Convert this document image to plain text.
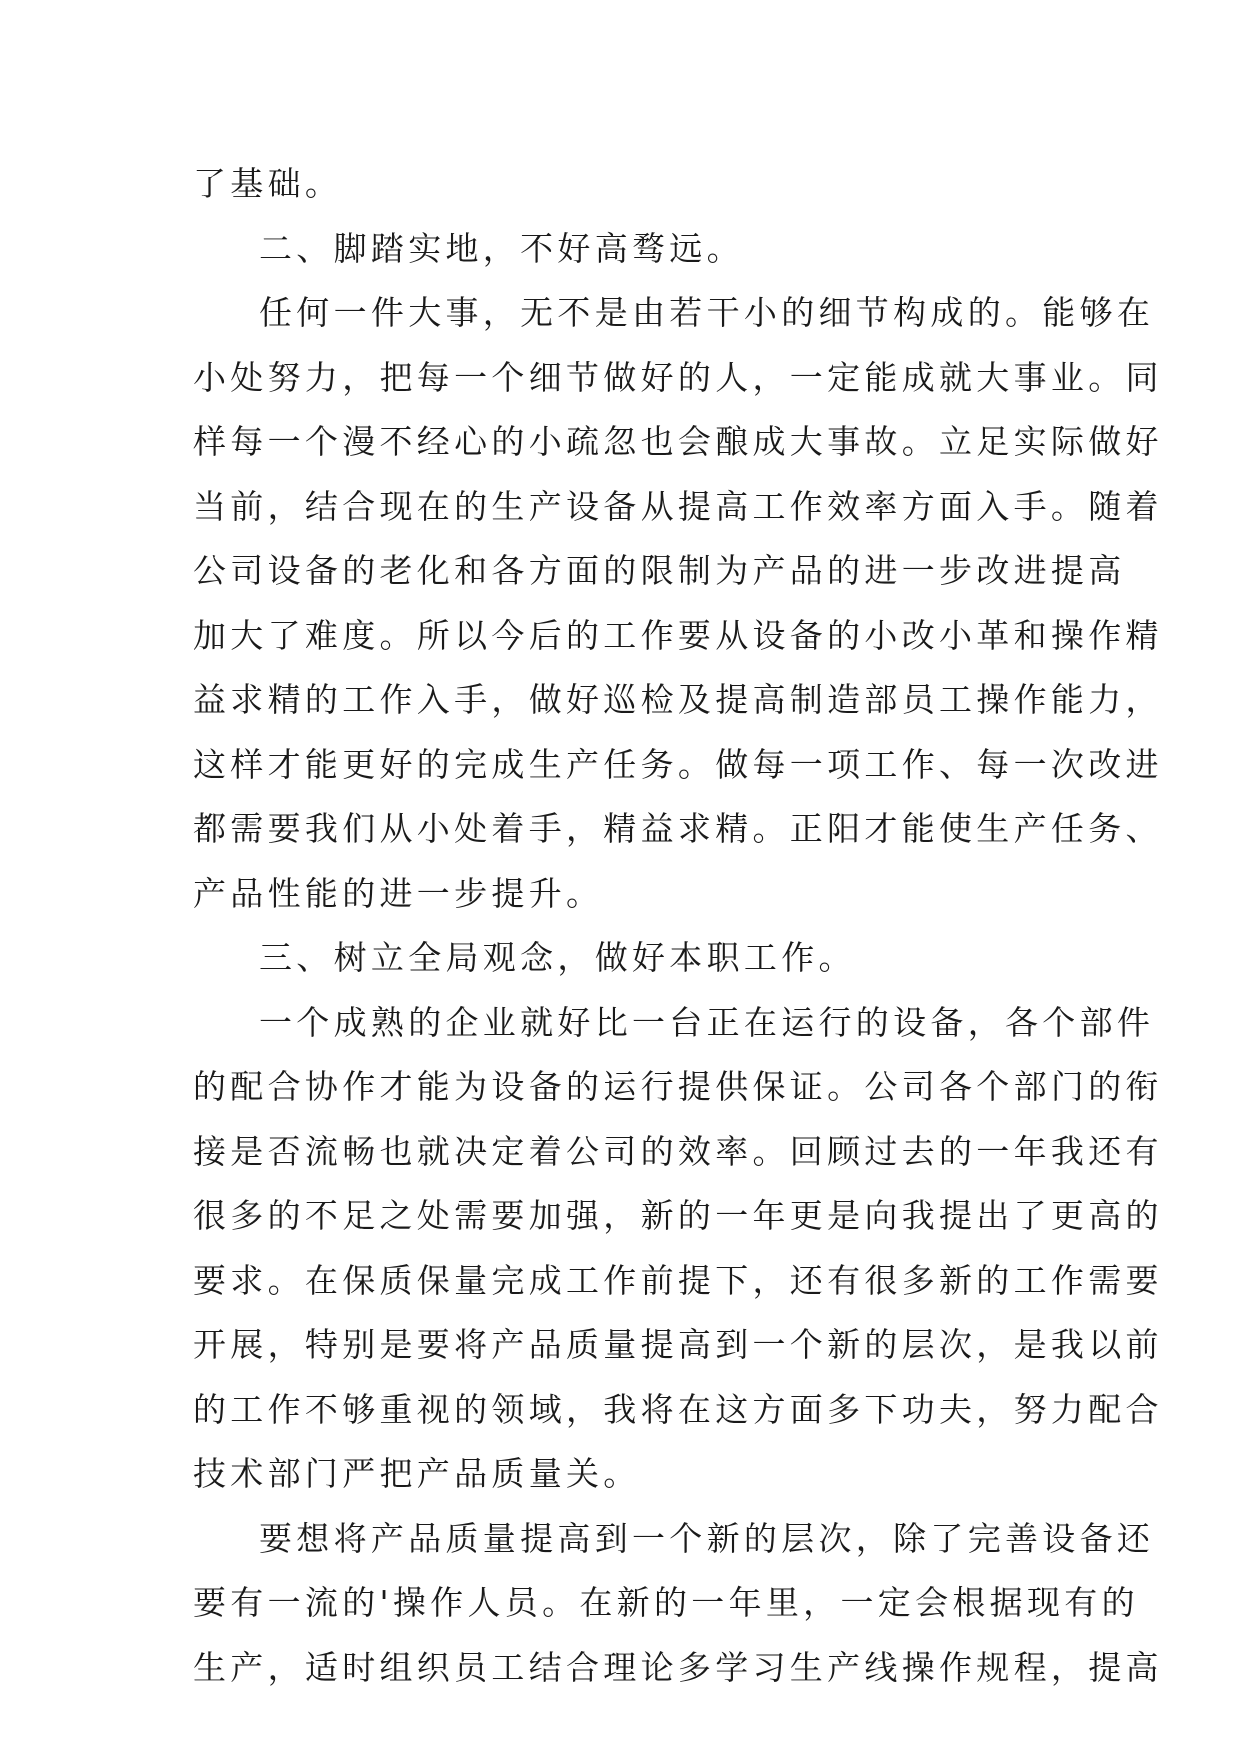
了基础。
二、脚踏实地，不好高骛远。
任何一件大事，无不是由若干小的细节构成的。能够在
小处努力，把每一个细节做好的人，一定能成就大事业。同
样每一个漫不经心的小疏忽也会酿成大事故。立足实际做好
当前，结合现在的生产设备从提高工作效率方面入手。随着
公司设备的老化和各方面的限制为产品的进一步改进提高
加大了难度。所以今后的工作要从设备的小改小革和操作精
益求精的工作入手，做好巡检及提高制造部员工操作能力，
这样才能更好的完成生产任务。做每一项工作、每一次改进
都需要我们从小处着手，精益求精。正阳才能使生产任务、
产品性能的进一步提升。
三、树立全局观念，做好本职工作。
一个成熟的企业就好比一台正在运行的设备，各个部件
的配合协作才能为设备的运行提供保证。公司各个部门的衔
接是否流畅也就决定着公司的效率。回顾过去的一年我还有
很多的不足之处需要加强，新的一年更是向我提出了更高的
要求。在保质保量完成工作前提下，还有很多新的工作需要
开展，特别是要将产品质量提高到一个新的层次，是我以前
的工作不够重视的领域，我将在这方面多下功夫，努力配合
技术部门严把产品质量关。
要想将产品质量提高到一个新的层次，除了完善设备还
要有一流的'操作人员。在新的一年里，一定会根据现有的
生产，适时组织员工结合理论多学习生产线操作规程，提高
